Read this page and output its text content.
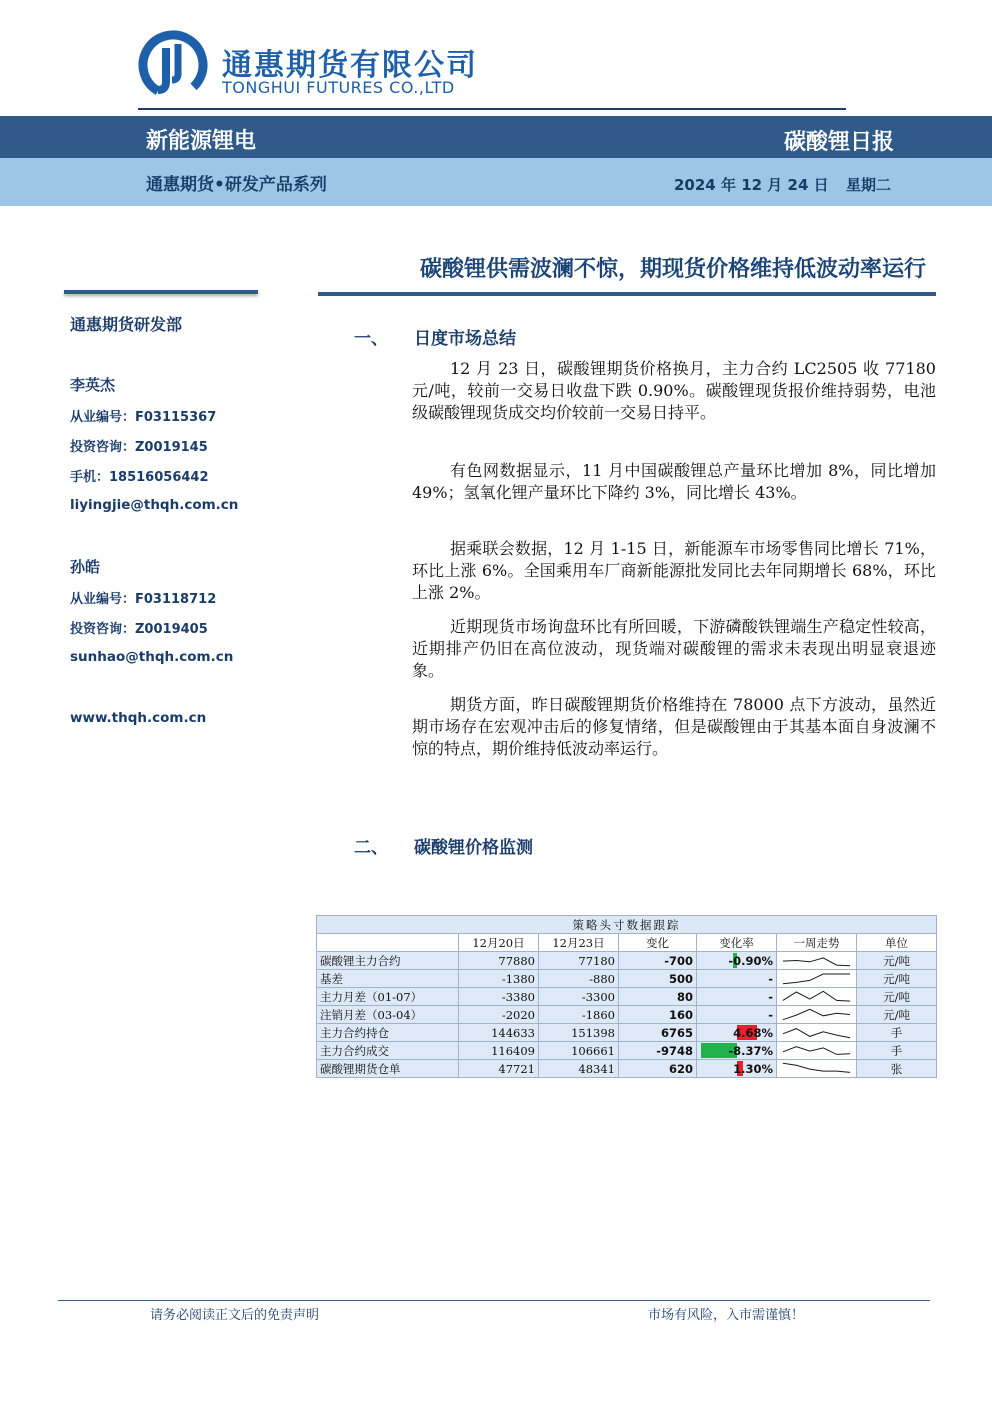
通惠期货有限公司
TONGHUI FUTURES CO.,LTD
新能源锂电	碳酸锂日报
通惠期货•研发产品系列	2024 年 12 月 24 日 星期二
碳酸锂供需波澜不惊，期现货价格维持低波动率运行
通惠期货研发部
李英杰
从业编号：F03115367
投资咨询：Z0019145
手机：18516056442
liyingjie@thqh.com.cn
孙皓
从业编号：F03118712
投资咨询：Z0019405
sunhao@thqh.com.cn
www.thqh.com.cn
一、 日度市场总结

12 月 23 日，碳酸锂期货价格换月，主力合约 LC2505 收 77180 元/吨，较前一交易日收盘下跌 0.90%。碳酸锂现货报价维持弱势，电池级碳酸锂现货成交均价较前一交易日持平。

有色网数据显示，11 月中国碳酸锂总产量环比增加 8%，同比增加 49%；氢氧化锂产量环比下降约 3%，同比增长 43%。

据乘联会数据，12 月 1-15 日，新能源车市场零售同比增长 71%，环比上涨 6%。全国乘用车厂商新能源批发同比去年同期增长 68%，环比上涨 2%。

近期现货市场询盘环比有所回暖，下游磷酸铁锂端生产稳定性较高，近期排产仍旧在高位波动，现货端对碳酸锂的需求未表现出明显衰退迹象。

期货方面，昨日碳酸锂期货价格维持在 78000 点下方波动，虽然近期市场存在宏观冲击后的修复情绪，但是碳酸锂由于其基本面自身波澜不惊的特点，期价维持低波动率运行。

二、 碳酸锂价格监测
策略头寸数据跟踪						
	12月20日	12月23日	变化	变化率	一周走势	单位
碳酸锂主力合约	77880	77180	-700	-0.90%		元/吨
基差	-1380	-880	500	-		元/吨
主力月差（01-07）	-3380	-3300	80	-		元/吨
注销月差（03-04）	-2020	-1860	160	-		元/吨
主力合约持仓	144633	151398	6765	4.68%		手
主力合约成交	116409	106661	-9748	-8.37%		手
碳酸锂期货仓单	47721	48341	620	1.30%		张
请务必阅读正文后的免责声明	市场有风险，入市需谨慎！
